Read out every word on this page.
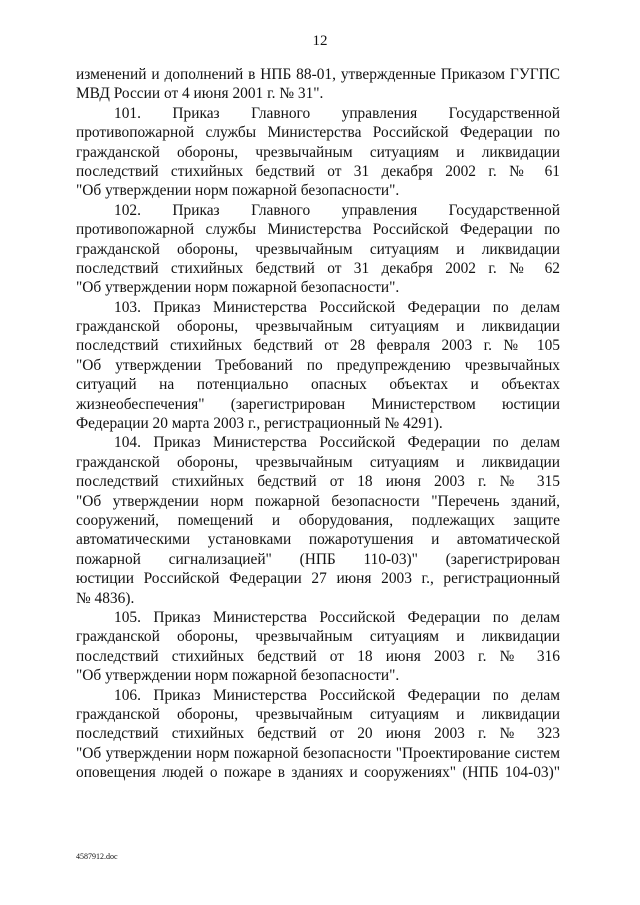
12
изменений и дополнений в НПБ 88-01, утвержденные Приказом ГУГПС
МВД России от 4 июня 2001 г. № 31".
101. Приказ Главного управления Государственной
противопожарной службы Министерства Российской Федерации по
гражданской обороны, чрезвычайным ситуациям и ликвидации
последствий стихийных бедствий от 31 декабря 2002 г. № 61
"Об утверждении норм пожарной безопасности".
102. Приказ Главного управления Государственной
противопожарной службы Министерства Российской Федерации по
гражданской обороны, чрезвычайным ситуациям и ликвидации
последствий стихийных бедствий от 31 декабря 2002 г. № 62
"Об утверждении норм пожарной безопасности".
103. Приказ Министерства Российской Федерации по делам
гражданской обороны, чрезвычайным ситуациям и ликвидации
последствий стихийных бедствий от 28 февраля 2003 г. № 105
"Об утверждении Требований по предупреждению чрезвычайных
ситуаций на потенциально опасных объектах и объектах
жизнеобеспечения" (зарегистрирован Министерством юстиции
Федерации 20 марта 2003 г., регистрационный № 4291).
104. Приказ Министерства Российской Федерации по делам
гражданской обороны, чрезвычайным ситуациям и ликвидации
последствий стихийных бедствий от 18 июня 2003 г. № 315
"Об утверждении норм пожарной безопасности "Перечень зданий,
сооружений, помещений и оборудования, подлежащих защите
автоматическими установками пожаротушения и автоматической
пожарной сигнализацией" (НПБ 110-03)" (зарегистрирован
юстиции Российской Федерации 27 июня 2003 г., регистрационный
№ 4836).
105. Приказ Министерства Российской Федерации по делам
гражданской обороны, чрезвычайным ситуациям и ликвидации
последствий стихийных бедствий от 18 июня 2003 г. № 316
"Об утверждении норм пожарной безопасности".
106. Приказ Министерства Российской Федерации по делам
гражданской обороны, чрезвычайным ситуациям и ликвидации
последствий стихийных бедствий от 20 июня 2003 г. № 323
"Об утверждении норм пожарной безопасности "Проектирование систем
оповещения людей о пожаре в зданиях и сооружениях" (НПБ 104-03)"
4587912.doc
